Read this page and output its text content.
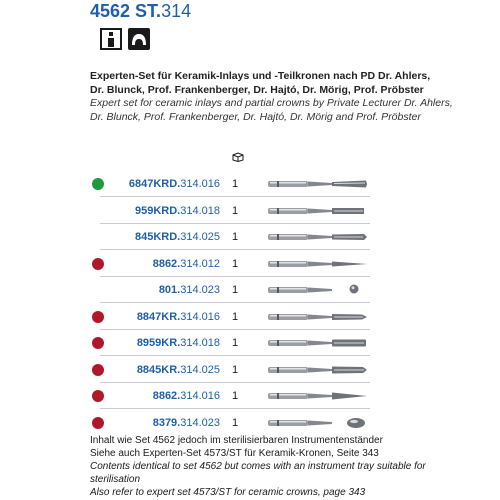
4562 ST.314
Experten-Set für Keramik-Inlays und -Teilkronen nach PD Dr. Ahlers,
Dr. Blunck, Prof. Frankenberger, Dr. Hajtó, Dr. Mörig, Prof. Pröbster
Expert set for ceramic inlays and partial crowns by Private Lecturer Dr. Ahlers,
Dr. Blunck, Prof. Frankenberger, Dr. Hajtó, Dr. Mörig and Prof. Pröbster
6847KRD.314.016 1
959KRD.314.018 1
845KRD.314.025 1
8862.314.012 1
801.314.023 1
8847KR.314.016 1
8959KR.314.018 1
8845KR.314.025 1
8862.314.016 1
8379.314.023 1
Inhalt wie Set 4562 jedoch im sterilisierbaren Instrumentenständer
Siehe auch Experten-Set 4573/ST für Keramik-Kronen, Seite 343
Contents identical to set 4562 but comes with an instrument tray suitable for
sterilisation
Also refer to expert set 4573/ST for ceramic crowns, page 343
